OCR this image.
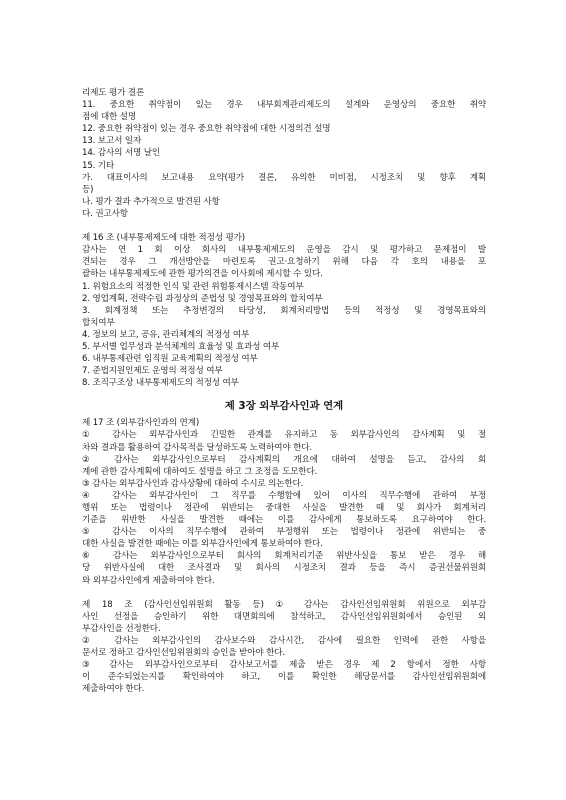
리제도 평가 결론
11. 중요한 취약점이 있는 경우 내부회계관리제도의 설계와 운영상의 중요한 취약
점에 대한 설명
12. 중요한 취약점이 있는 경우 중요한 취약점에 대한 시정의견 설명
13. 보고서 일자
14. 감사의 서명 날인
15. 기타
가. 대표이사의 보고내용 요약(평가 결론, 유의한 미비점, 시정조치 및 향후 계획
등)
나. 평가 결과 추가적으로 발견된 사항
다. 권고사항
제 16 조 (내부통제제도에 대한 적정성 평가)
감사는 연 1 회 이상 회사의 내부통제제도의 운영을 감시 및 평가하고 문제점이 발
견되는 경우 그 개선방안을 마련토록 권고·요청하기 위해 다음 각 호의 내용을 포
괄하는 내부통제제도에 관한 평가의견을 이사회에 제시할 수 있다.
1. 위험요소의 적정한 인식 및 관련 위험통제시스템 작동여부
2. 영업계획, 전략수립 과정상의 준법성 및 경영목표와의 합치여부
3. 회계정책 또는 추정변경의 타당성, 회계처리방법 등의 적정성 및 경영목표와의
합치여부
4. 정보의 보고, 공유, 관리체계의 적정성 여부
5. 부서별 업무성과 분석체계의 효율성 및 효과성 여부
6. 내부통제관련 임직원 교육계획의 적정성 여부
7. 준법지원인제도 운영의 적정성 여부
8. 조직구조상 내부통제제도의 적정성 여부
제 3장 외부감사인과 연계
제 17 조 (외부감사인과의 연계)
① 감사는 외부감사인과 긴밀한 관계를 유지하고 동 외부감사인의 감사계획 및 절
차와 결과를 활용하여 감사목적을 달성하도록 노력하여야 한다.
② 감사는 외부감사인으로부터 감사계획의 개요에 대하여 설명을 듣고, 감사의 회
계에 관한 감사계획에 대하여도 설명을 하고 그 조정을 도모한다.
③ 감사는 외부감사인과 감사상황에 대하여 수시로 의논한다.
④ 감사는 외부감사인이 그 직무를 수행함에 있어 이사의 직무수행에 관하여 부정
행위 또는 법령이나 정관에 위반되는 중대한 사실을 발견한 때 및 회사가 회계처리
기준을 위반한 사실을 발견한 때에는 이를 감사에게 통보하도록 요구하여야 한다.
⑤ 감사는 이사의 직무수행에 관하여 부정행위 또는 법령이나 정관에 위반되는 중
대한 사실을 발견한 때에는 이를 외부감사인에게 통보하여야 한다.
⑥ 감사는 외부감사인으로부터 회사의 회계처리기준 위반사실을 통보 받은 경우 해
당 위반사실에 대한 조사결과 및 회사의 시정조치 결과 등을 즉시 증권선물위원회
와 외부감사인에게 제출하여야 한다.
제 18 조 (감사인선임위원회 활동 등) ① 감사는 감사인선임위원회 위원으로 외부감
사인 선정을 승인하기 위한 대면회의에 참석하고, 감사인선임위원회에서 승인된 외
부감사인을 선정한다.
② 감사는 외부감사인의 감사보수와 감사시간, 감사에 필요한 인력에 관한 사항을
문서로 정하고 감사인선임위원회의 승인을 받아야 한다.
③ 감사는 외부감사인으로부터 감사보고서를 제출 받은 경우 제 2 항에서 정한 사항
이 준수되었는지를 확인하여야 하고, 이를 확인한 해당문서를 감사인선임위원회에
제출하여야 한다.
